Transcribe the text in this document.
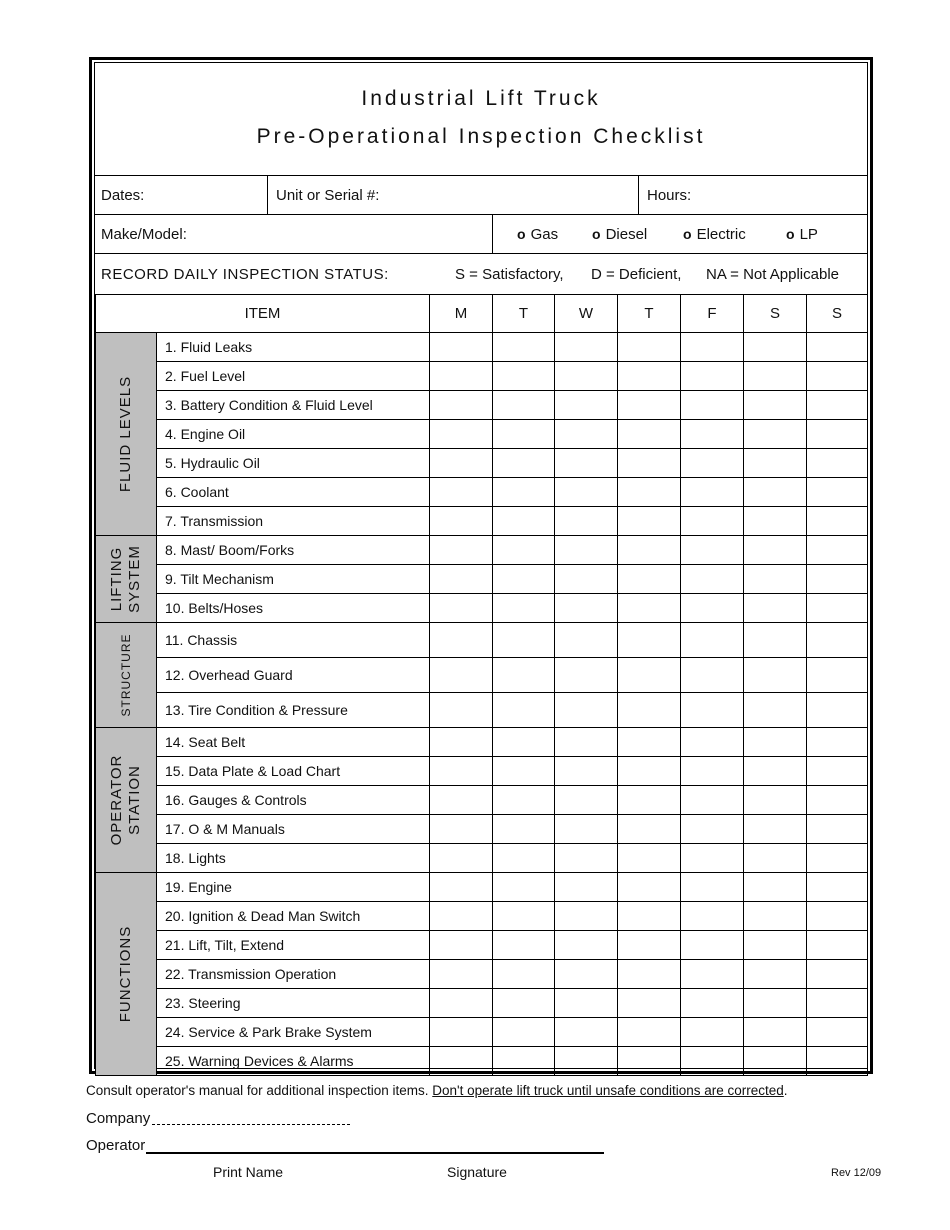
Industrial Lift Truck
Pre-Operational Inspection Checklist
Dates:	Unit or Serial #:	Hours:
Make/Model:	o Gas o Diesel	o Electric	o LP
RECORD DAILY INSPECTION STATUS:	S = Satisfactory, D = Deficient, NA = Not Applicable
ITEM		M	T	W	T	F	S	S

FLUID LEVELS	1. Fluid Leaks							
	2. Fuel Level							
	3. Battery Condition & Fluid Level							
	4. Engine Oil							
	5. Hydraulic Oil							
	6. Coolant							
	7. Transmission							

LIFTING SYSTEM	8. Mast/ Boom/Forks							
	9. Tilt Mechanism							
	10. Belts/Hoses							

STRUCTURE	11. Chassis							
	12. Overhead Guard							
	13. Tire Condition & Pressure							

OPERATOR STATION	14. Seat Belt							
	15. Data Plate & Load Chart							
	16. Gauges & Controls							
	17. O & M Manuals							
	18. Lights							

FUNCTIONS	19. Engine							
	20. Ignition & Dead Man Switch							
	21. Lift, Tilt, Extend							
	22. Transmission Operation							
	23. Steering							
	24. Service & Park Brake System							
	25. Warning Devices & Alarms							
Consult operator's manual for additional inspection items. Don't operate lift truck until unsafe conditions are corrected.
Company
Operator
Print Name	Signature	Rev 12/09
